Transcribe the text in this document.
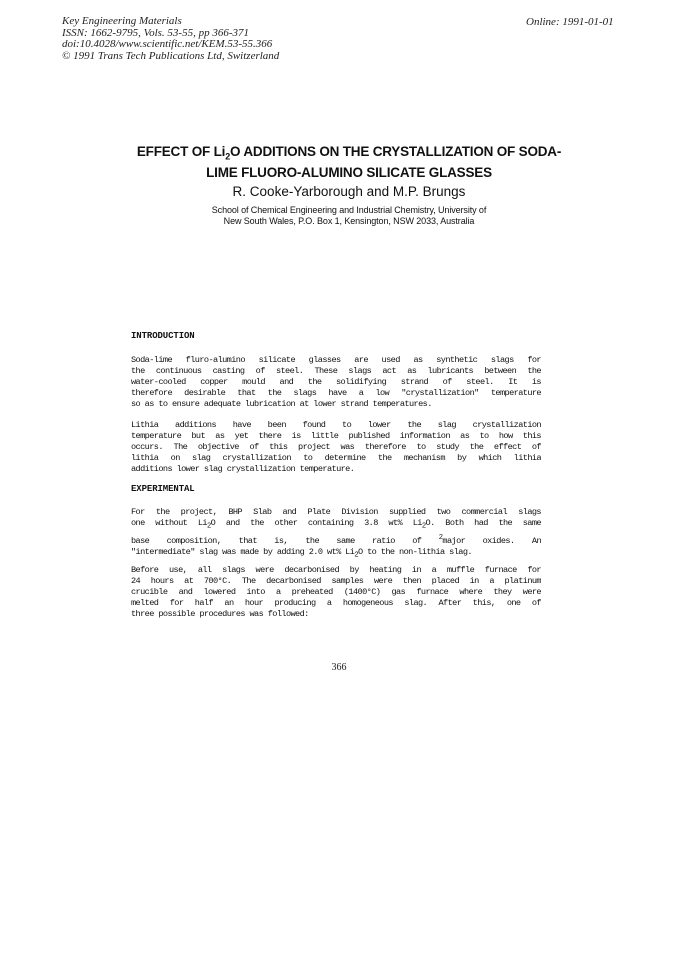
Key Engineering Materials
ISSN: 1662-9795, Vols. 53-55, pp 366-371
doi:10.4028/www.scientific.net/KEM.53-55.366
© 1991 Trans Tech Publications Ltd, Switzerland
Online: 1991-01-01
EFFECT OF $Li_2O$ ADDITIONS ON THE CRYSTALLIZATION OF SODA-
LIME FLUORO-ALUMINO SILICATE GLASSES
R. Cooke-Yarborough and M.P. Brungs
School of Chemical Engineering and Industrial Chemistry, University of
New South Wales, P.O. Box 1, Kensington, NSW 2033, Australia
INTRODUCTION
Soda-lime fluro-alumino silicate glasses are used as synthetic slags for
the continuous casting of steel. These slags act as lubricants between the
water-cooled copper mould and the solidifying strand of steel. It is
therefore desirable that the slags have a low "crystallization" temperature
so as to ensure adequate lubrication at lower strand temperatures.
Lithia additions have been found to lower the slag crystallization
temperature but as yet there is little published information as to how this
occurs. The objective of this project was therefore to study the effect of
lithia on slag crystallization to determine the mechanism by which lithia
additions lower slag crystallization temperature.
EXPERIMENTAL
For the project, BHP Slab and Plate Division supplied two commercial slags
one without $Li_2O$ and the other containing 3.8 wt% $Li_2O$. Both had the same
base composition, that is, the same ratio of $^2$major oxides. An
"intermediate" slag was made by adding 2.0 wt% $Li_2O$ to the non-lithia slag.
Before use, all slags were decarbonised by heating in a muffle furnace for
24 hours at 700°C. The decarbonised samples were then placed in a platinum
crucible and lowered into a preheated (1400°C) gas furnace where they were
melted for half an hour producing a homogeneous slag. After this, one of
three possible procedures was followed:
366
